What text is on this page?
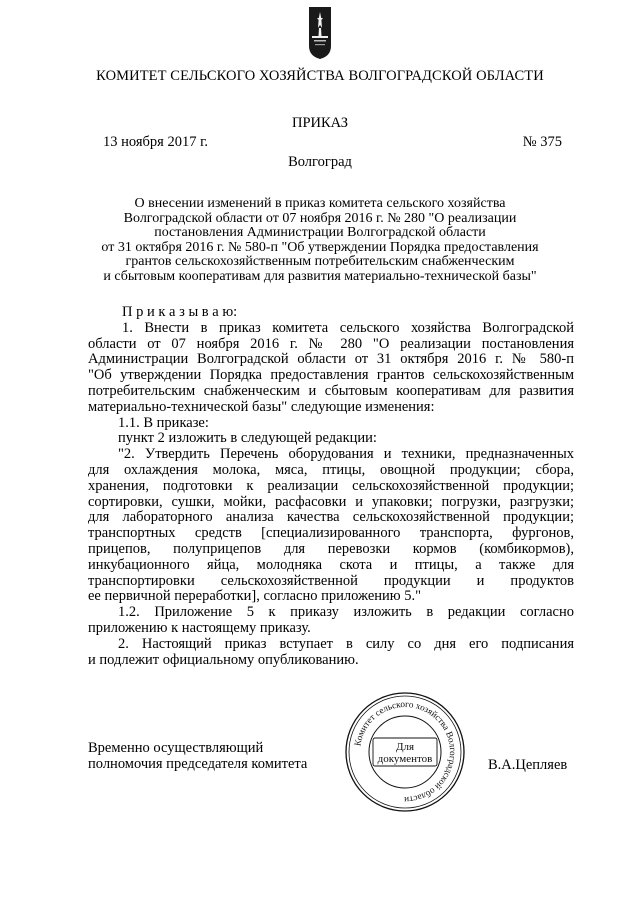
КОМИТЕТ СЕЛЬСКОГО ХОЗЯЙСТВА ВОЛГОГРАДСКОЙ ОБЛАСТИ
ПРИКАЗ
13 ноября 2017 г.	№ 375
Волгоград
О внесении изменений в приказ комитета сельского хозяйства
Волгоградской области от 07 ноября 2016 г. № 280 "О реализации
постановления Администрации Волгоградской области
от 31 октября 2016 г. № 580-п "Об утверждении Порядка предоставления
грантов сельскохозяйственным потребительским снабженческим
и сбытовым кооперативам для развития материально-технической базы"
П р и к а з ы в а ю:
1. Внести в приказ комитета сельского хозяйства Волгоградской
области от 07 ноября 2016 г. № 280 "О реализации постановления
Администрации Волгоградской области от 31 октября 2016 г. № 580-п
"Об утверждении Порядка предоставления грантов сельскохозяйственным
потребительским снабженческим и сбытовым кооперативам для развития
материально-технической базы" следующие изменения:
1.1. В приказе:
пункт 2 изложить в следующей редакции:
"2. Утвердить Перечень оборудования и техники, предназначенных
для охлаждения молока, мяса, птицы, овощной продукции; сбора,
хранения, подготовки к реализации сельскохозяйственной продукции;
сортировки, сушки, мойки, расфасовки и упаковки; погрузки, разгрузки;
для лабораторного анализа качества сельскохозяйственной продукции;
транспортных средств [специализированного транспорта, фургонов,
прицепов, полуприцепов для перевозки кормов (комбикормов),
инкубационного яйца, молодняка скота и птицы, а также для
транспортировки сельскохозяйственной продукции и продуктов
ее первичной переработки], согласно приложению 5."
1.2. Приложение 5 к приказу изложить в редакции согласно
приложению к настоящему приказу.
2. Настоящий приказ вступает в силу со дня его подписания
и подлежит официальному опубликованию.
Временно осуществляющий
полномочия председателя комитета
Комитет сельского хозяйства Волгоградской области
Для
документов	В.А.Цепляев
